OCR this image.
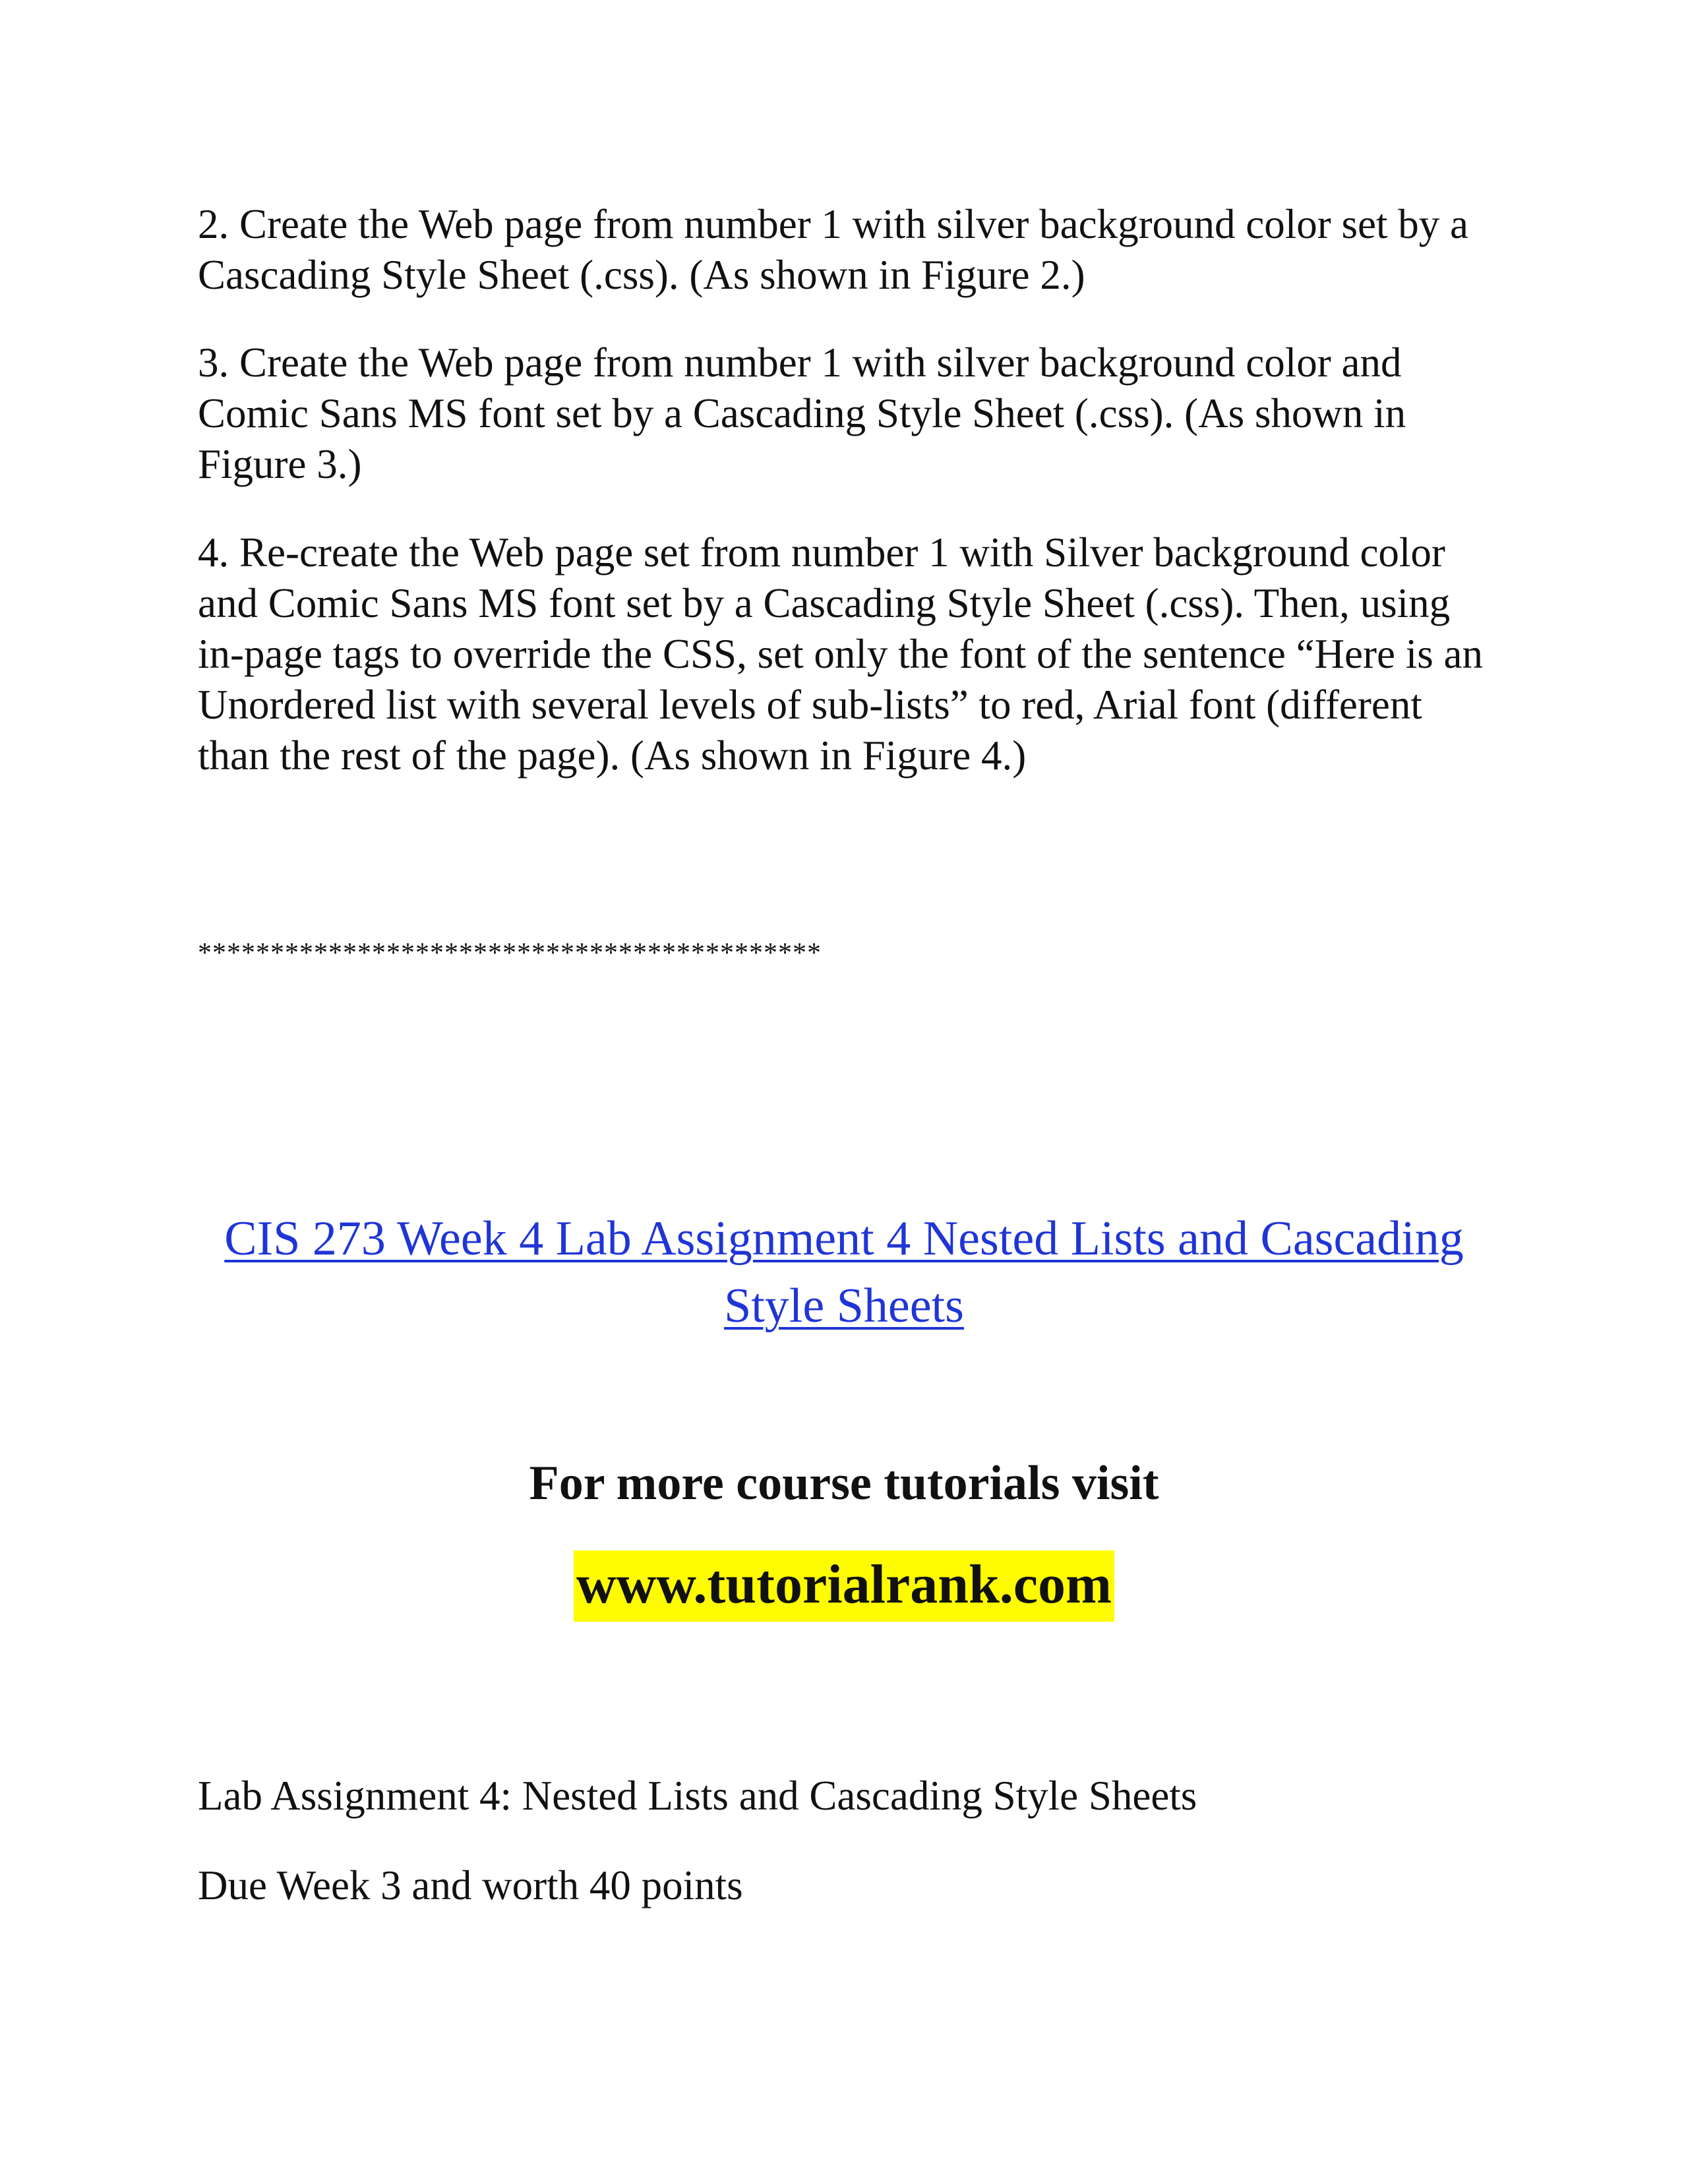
2. Create the Web page from number 1 with silver background color set by a Cascading Style Sheet (.css). (As shown in Figure 2.)

3. Create the Web page from number 1 with silver background color and Comic Sans MS font set by a Cascading Style Sheet (.css). (As shown in Figure 3.)

4. Re-create the Web page set from number 1 with Silver background color and Comic Sans MS font set by a Cascading Style Sheet (.css). Then, using in-page tags to override the CSS, set only the font of the sentence “Here is an Unordered list with several levels of sub-lists” to red, Arial font (different than the rest of the page). (As shown in Figure 4.)

*******************************************

CIS 273 Week 4 Lab Assignment 4 Nested Lists and Cascading Style Sheets

For more course tutorials visit

www.tutorialrank.com

Lab Assignment 4: Nested Lists and Cascading Style Sheets

Due Week 3 and worth 40 points
